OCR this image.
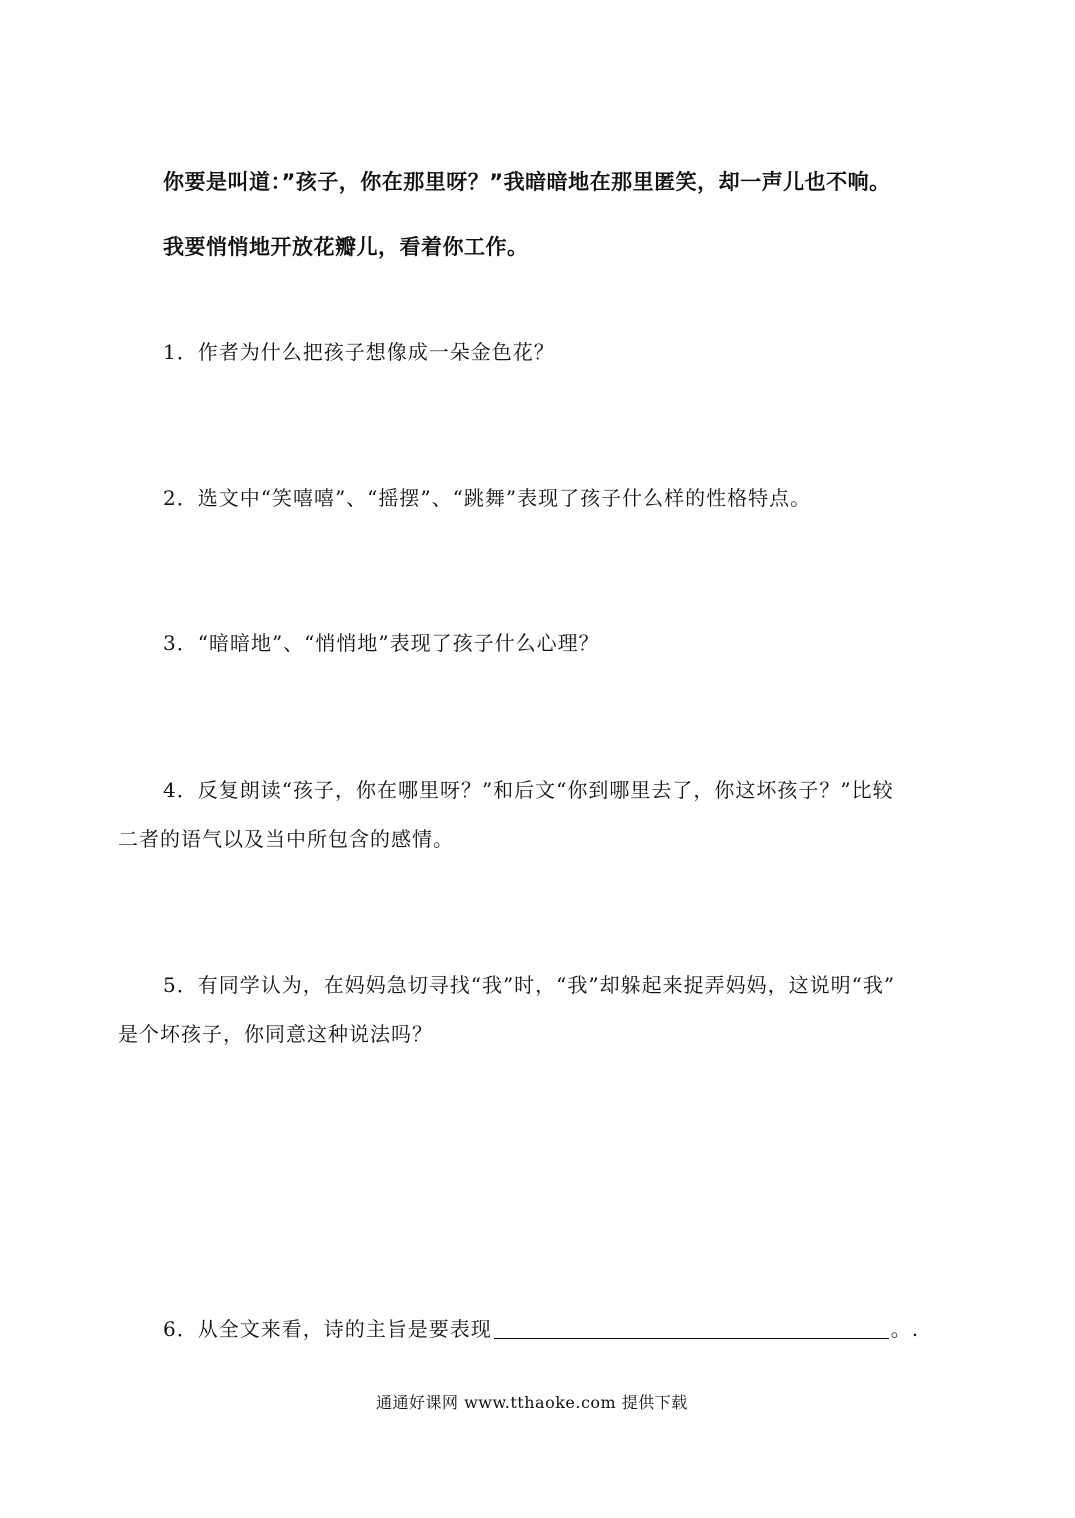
你要是叫道：”孩子，你在那里呀？”我暗暗地在那里匿笑，却一声儿也不响。
我要悄悄地开放花瓣儿，看着你工作。
1．作者为什么把孩子想像成一朵金色花？
2．选文中“笑嘻嘻”、“摇摆”、“跳舞”表现了孩子什么样的性格特点。
3．“暗暗地”、“悄悄地”表现了孩子什么心理？
4．反复朗读“孩子，你在哪里呀？”和后文“你到哪里去了，你这坏孩子？”比较
二者的语气以及当中所包含的感情。
5．有同学认为，在妈妈急切寻找“我”时，“我”却躲起来捉弄妈妈，这说明“我”
是个坏孩子，你同意这种说法吗？
6．从全文来看，诗的主旨是要表现	。.
通通好课网 www.tthaoke.com 提供下载
